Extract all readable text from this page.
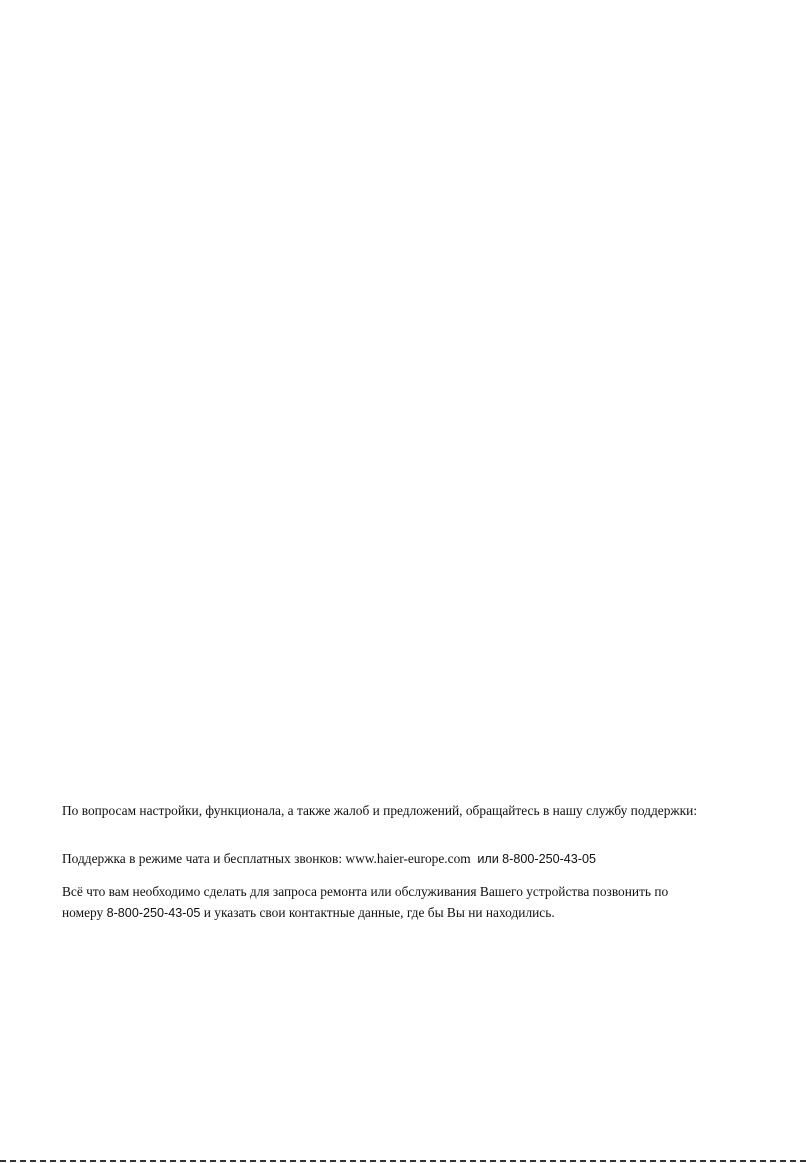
По вопросам настройки, функционала, а также жалоб и предложений, обращайтесь в нашу службу поддержки:
Поддержка в режиме чата и бесплатных звонков: www.haier-europe.com или 8-800-250-43-05
Всё что вам необходимо сделать для запроса ремонта или обслуживания Вашего устройства позвонить по
номеру 8-800-250-43-05 и указать свои контактные данные, где бы Вы ни находились.
